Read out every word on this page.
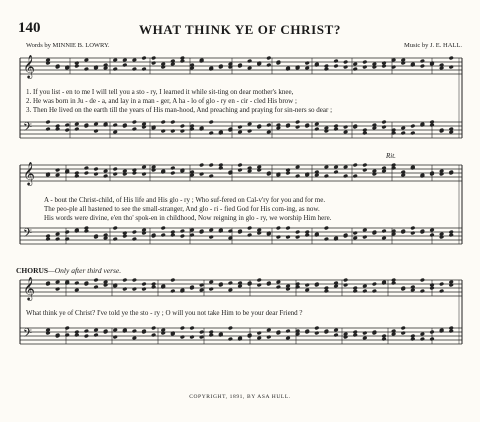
140	WHAT THINK YE OF CHRIST?
Words by MINNIE B. LOWRY.	Music by J. E. HALL.
𝄞
𝄢
𝄞
𝄢
𝄞
𝄢
1. If you list - en to me I will tell you a sto - ry, I learned it while sit-ting on dear mother's knee,
2. He was born in Ju - de - a, and lay in a man - ger, A ha - lo of glo - ry en - cir - cled His brow ;
3. Then He lived on the earth till the years of His man-hood, And preaching and praying for sin-ners so dear ;
Rit.
A - bout the Christ-child, of His life and His glo - ry ; Who suf-fered on Cal-v'ry for you and for me.
The peo-ple all hastened to see the small-stranger, And glo - ri - fied God for His com-ing, as now.
His words were divine, e'en tho' spok-en in childhood, Now reigning in glo - ry, we worship Him here.
CHORUS—Only after third verse.
What think ye of Christ? I've told ye the sto - ry ; O will you not take Him to be your dear Friend ?
COPYRIGHT, 1891, BY ASA HULL.
